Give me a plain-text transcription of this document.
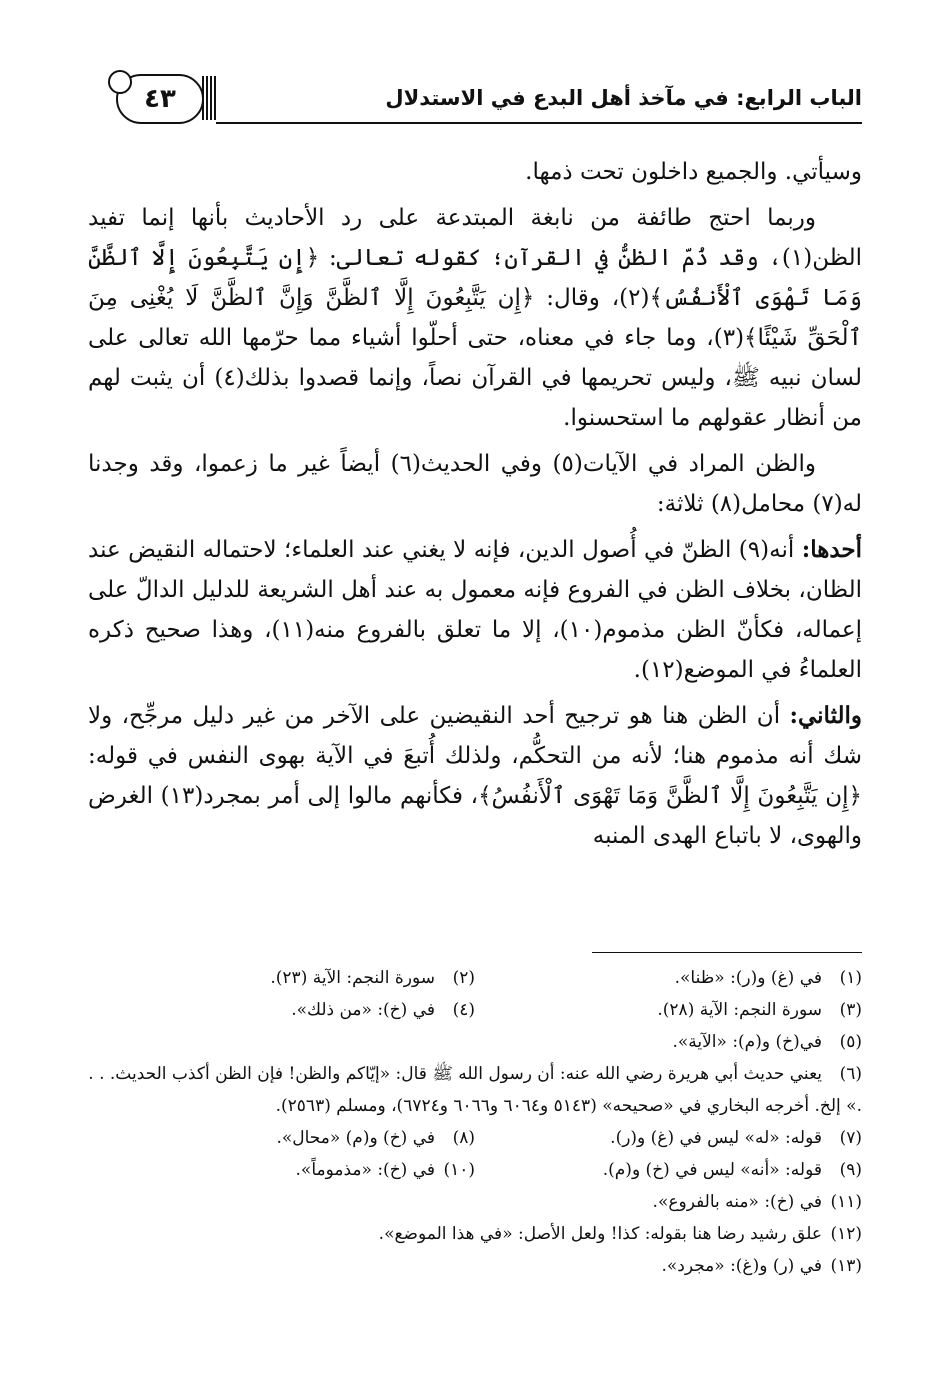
الباب الرابع: في مآخذ أهل البدع في الاستدلال
٤٣

وسيأتي. والجميع داخلون تحت ذمها.

وربما احتج طائفة من نابغة المبتدعة على رد الأحاديث بأنها إنما تفيد الظن(١)، وقد ذُمّ الظنُّ في القرآن؛ كقوله تعالى: ﴿إِن يَتَّبِعُونَ إِلَّا ٱلظَّنَّ وَمَا تَهْوَى ٱلْأَنفُسُ﴾(٢)، وقال: ﴿إِن يَتَّبِعُونَ إِلَّا ٱلظَّنَّ وَإِنَّ ٱلظَّنَّ لَا يُغْنِى مِنَ ٱلْحَقِّ شَيْئًا﴾(٣)، وما جاء في معناه، حتى أحلّوا أشياء مما حرّمها الله تعالى على لسان نبيه ﷺ، وليس تحريمها في القرآن نصاً، وإنما قصدوا بذلك(٤) أن يثبت لهم من أنظار عقولهم ما استحسنوا.

والظن المراد في الآيات(٥) وفي الحديث(٦) أيضاً غير ما زعموا، وقد وجدنا له(٧) محامل(٨) ثلاثة:

أحدها: أنه(٩) الظنّ في أُصول الدين، فإنه لا يغني عند العلماء؛ لاحتماله النقيض عند الظان، بخلاف الظن في الفروع فإنه معمول به عند أهل الشريعة للدليل الدالّ على إعماله، فكأنّ الظن مذموم(١٠)، إلا ما تعلق بالفروع منه(١١)، وهذا صحيح ذكره العلماءُ في الموضع(١٢).

والثاني: أن الظن هنا هو ترجيح أحد النقيضين على الآخر من غير دليل مرجِّح، ولا شك أنه مذموم هنا؛ لأنه من التحكُّم، ولذلك أُتبعَ في الآية بهوى النفس في قوله: ﴿إِن يَتَّبِعُونَ إِلَّا ٱلظَّنَّ وَمَا تَهْوَى ٱلْأَنفُسُ﴾، فكأنهم مالوا إلى أمر بمجرد(١٣) الغرض والهوى، لا باتباع الهدى المنبه

(١)في (غ) و(ر): «ظنا».
(٢)سورة النجم: الآية (٢٣).
(٣)سورة النجم: الآية (٢٨).
(٤)في (خ): «من ذلك».
(٥)في(خ) و(م): «الآية».
(٦)يعني حديث أبي هريرة رضي الله عنه: أن رسول الله ﷺ قال: «إيّاكم والظن! فإن الظن أكذب الحديث. . . .» إلخ. أخرجه البخاري في «صحيحه» (٥١٤٣ و٦٠٦٤ و٦٠٦٦ و٦٧٢٤)، ومسلم (٢٥٦٣).
(٧)قوله: «له» ليس في (غ) و(ر).
(٨)في (خ) و(م) «محال».
(٩)قوله: «أنه» ليس في (خ) و(م).
(١٠)في (خ): «مذموماً».
(١١)في (خ): «منه بالفروع».
(١٢)علق رشيد رضا هنا بقوله: كذا! ولعل الأصل: «في هذا الموضع».
(١٣)في (ر) و(غ): «مجرد».
